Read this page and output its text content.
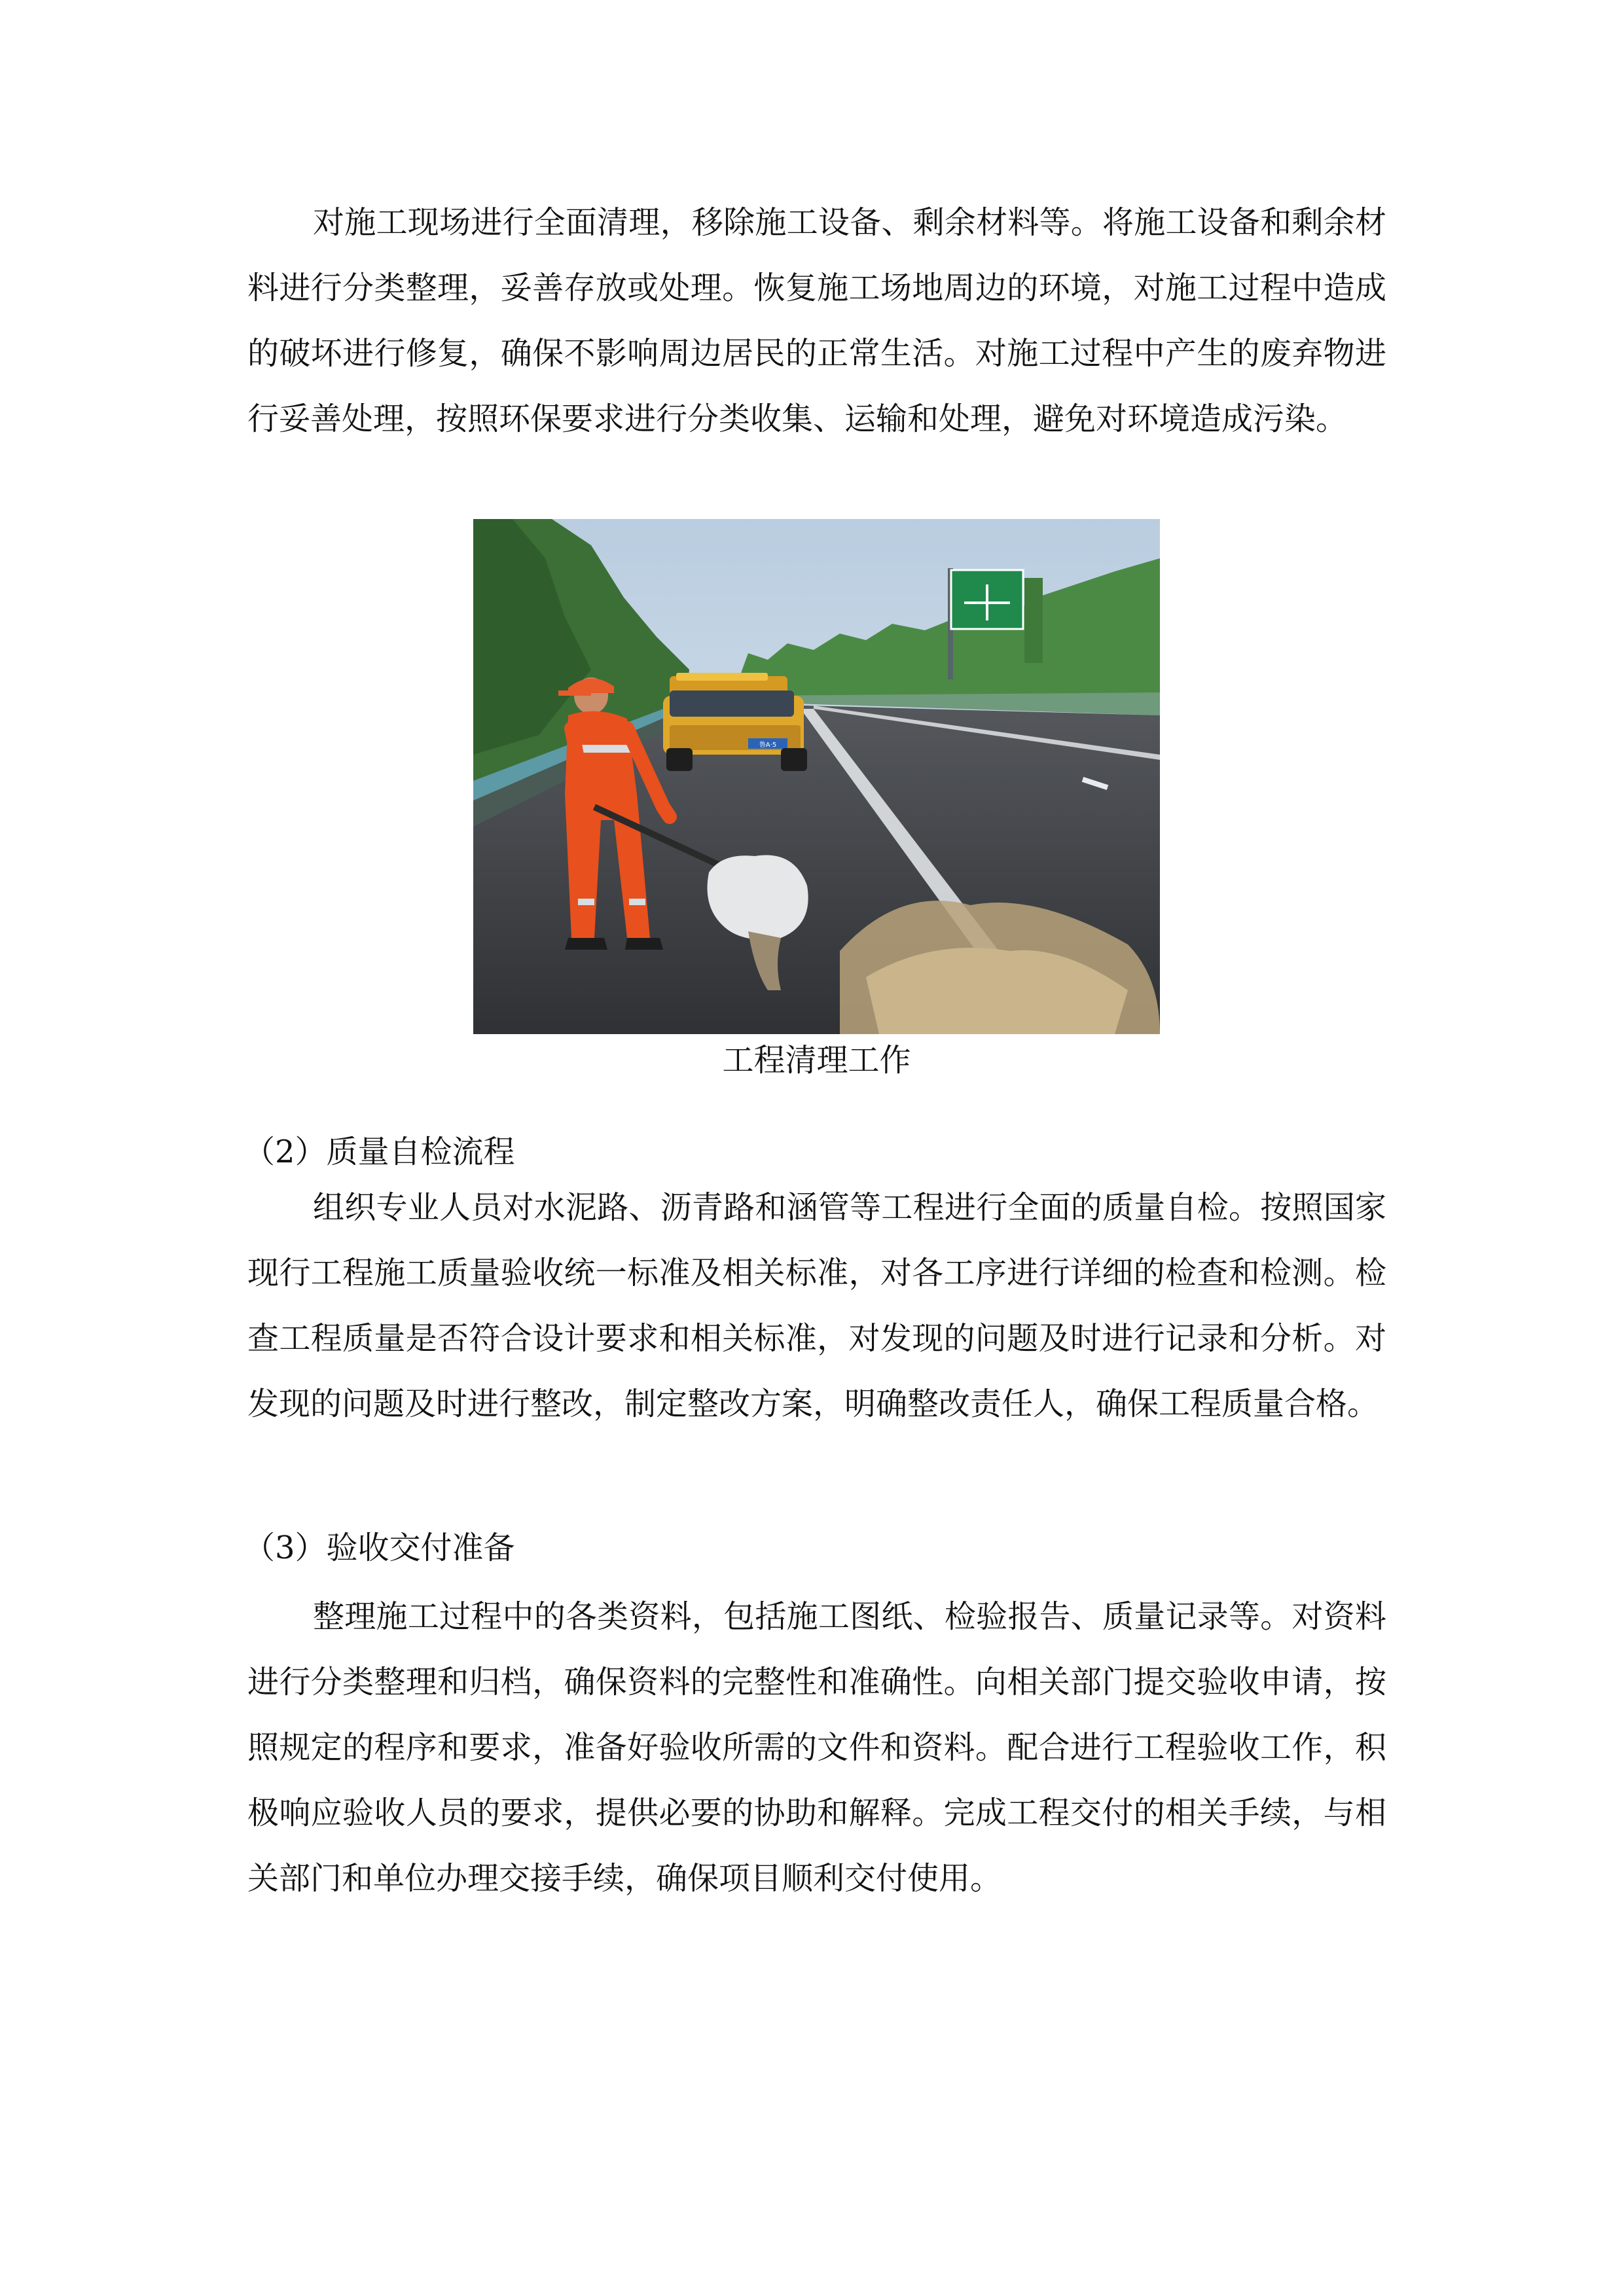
对施工现场进行全面清理，移除施工设备、剩余材料等。将施工设备和剩余材料进行分类整理，妥善存放或处理。恢复施工场地周边的环境，对施工过程中造成的破坏进行修复，确保不影响周边居民的正常生活。对施工过程中产生的废弃物进行妥善处理，按照环保要求进行分类收集、运输和处理，避免对环境造成污染。

鲁A·5

工程清理工作

（2）质量自检流程

组织专业人员对水泥路、沥青路和涵管等工程进行全面的质量自检。按照国家现行工程施工质量验收统一标准及相关标准，对各工序进行详细的检查和检测。检查工程质量是否符合设计要求和相关标准，对发现的问题及时进行记录和分析。对发现的问题及时进行整改，制定整改方案，明确整改责任人，确保工程质量合格。

（3）验收交付准备

整理施工过程中的各类资料，包括施工图纸、检验报告、质量记录等。对资料进行分类整理和归档，确保资料的完整性和准确性。向相关部门提交验收申请，按照规定的程序和要求，准备好验收所需的文件和资料。配合进行工程验收工作，积极响应验收人员的要求，提供必要的协助和解释。完成工程交付的相关手续，与相关部门和单位办理交接手续，确保项目顺利交付使用。
